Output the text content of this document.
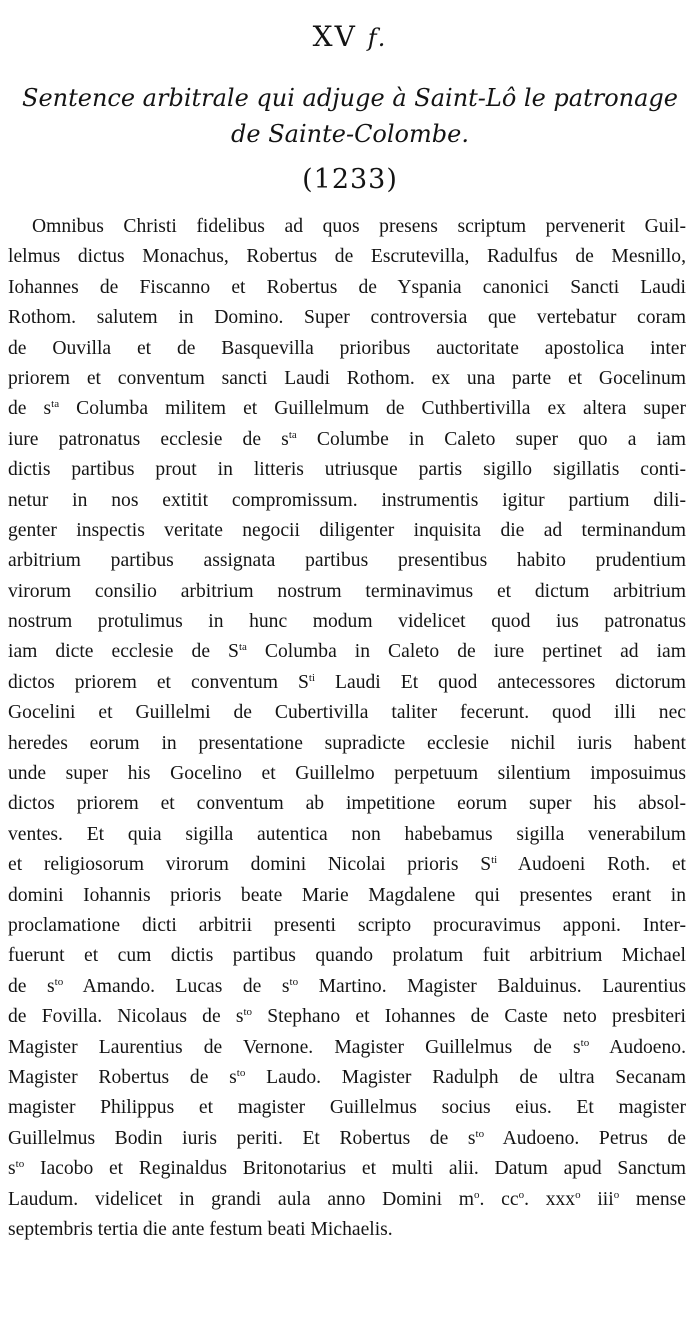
XV f.
Sentence arbitrale qui adjuge à Saint-Lô le patronage de Sainte-Colombe.
(1233)
Omnibus Christi fidelibus ad quos presens scriptum pervenerit Guil-
lelmus dictus Monachus, Robertus de Escrutevilla, Radulfus de Mesnillo,
Iohannes de Fiscanno et Robertus de Yspania canonici Sancti Laudi
Rothom. salutem in Domino. Super controversia que vertebatur coram
de Ouvilla et de Basquevilla prioribus auctoritate apostolica inter
priorem et conventum sancti Laudi Rothom. ex una parte et Gocelinum
de $s^{ta}$ Columba militem et Guillelmum de Cuthbertivilla ex altera super
iure patronatus ecclesie de $s^{ta}$ Columbe in Caleto super quo a iam
dictis partibus prout in litteris utriusque partis sigillo sigillatis conti-
netur in nos extitit compromissum. instrumentis igitur partium dili-
genter inspectis veritate negocii diligenter inquisita die ad terminandum
arbitrium partibus assignata partibus presentibus habito prudentium
virorum consilio arbitrium nostrum terminavimus et dictum arbitrium
nostrum protulimus in hunc modum videlicet quod ius patronatus
iam dicte ecclesie de $S^{ta}$ Columba in Caleto de iure pertinet ad iam
dictos priorem et conventum $S^{ti}$ Laudi Et quod antecessores dictorum
Gocelini et Guillelmi de Cubertivilla taliter fecerunt. quod illi nec
heredes eorum in presentatione supradicte ecclesie nichil iuris habent
unde super his Gocelino et Guillelmo perpetuum silentium imposuimus
dictos priorem et conventum ab impetitione eorum super his absol-
ventes. Et quia sigilla autentica non habebamus sigilla venerabilum
et religiosorum virorum domini Nicolai prioris $S^{ti}$ Audoeni Roth. et
domini Iohannis prioris beate Marie Magdalene qui presentes erant in
proclamatione dicti arbitrii presenti scripto procuravimus apponi. Inter-
fuerunt et cum dictis partibus quando prolatum fuit arbitrium Michael
de $s^{to}$ Amando. Lucas de $s^{to}$ Martino. Magister Balduinus. Laurentius
de Fovilla. Nicolaus de $s^{to}$ Stephano et Iohannes de Caste neto presbiteri
Magister Laurentius de Vernone. Magister Guillelmus de $s^{to}$ Audoeno.
Magister Robertus de $s^{to}$ Laudo. Magister Radulph de ultra Secanam
magister Philippus et magister Guillelmus socius eius. Et magister
Guillelmus Bodin iuris periti. Et Robertus de $s^{to}$ Audoeno. Petrus de
$s^{to}$ Iacobo et Reginaldus Britonotarius et multi alii. Datum apud Sanctum
Laudum. videlicet in grandi aula anno Domini $m^o$. $cc^o$. xxx$^o$ iii$^o$ mense
septembris tertia die ante festum beati Michaelis.
